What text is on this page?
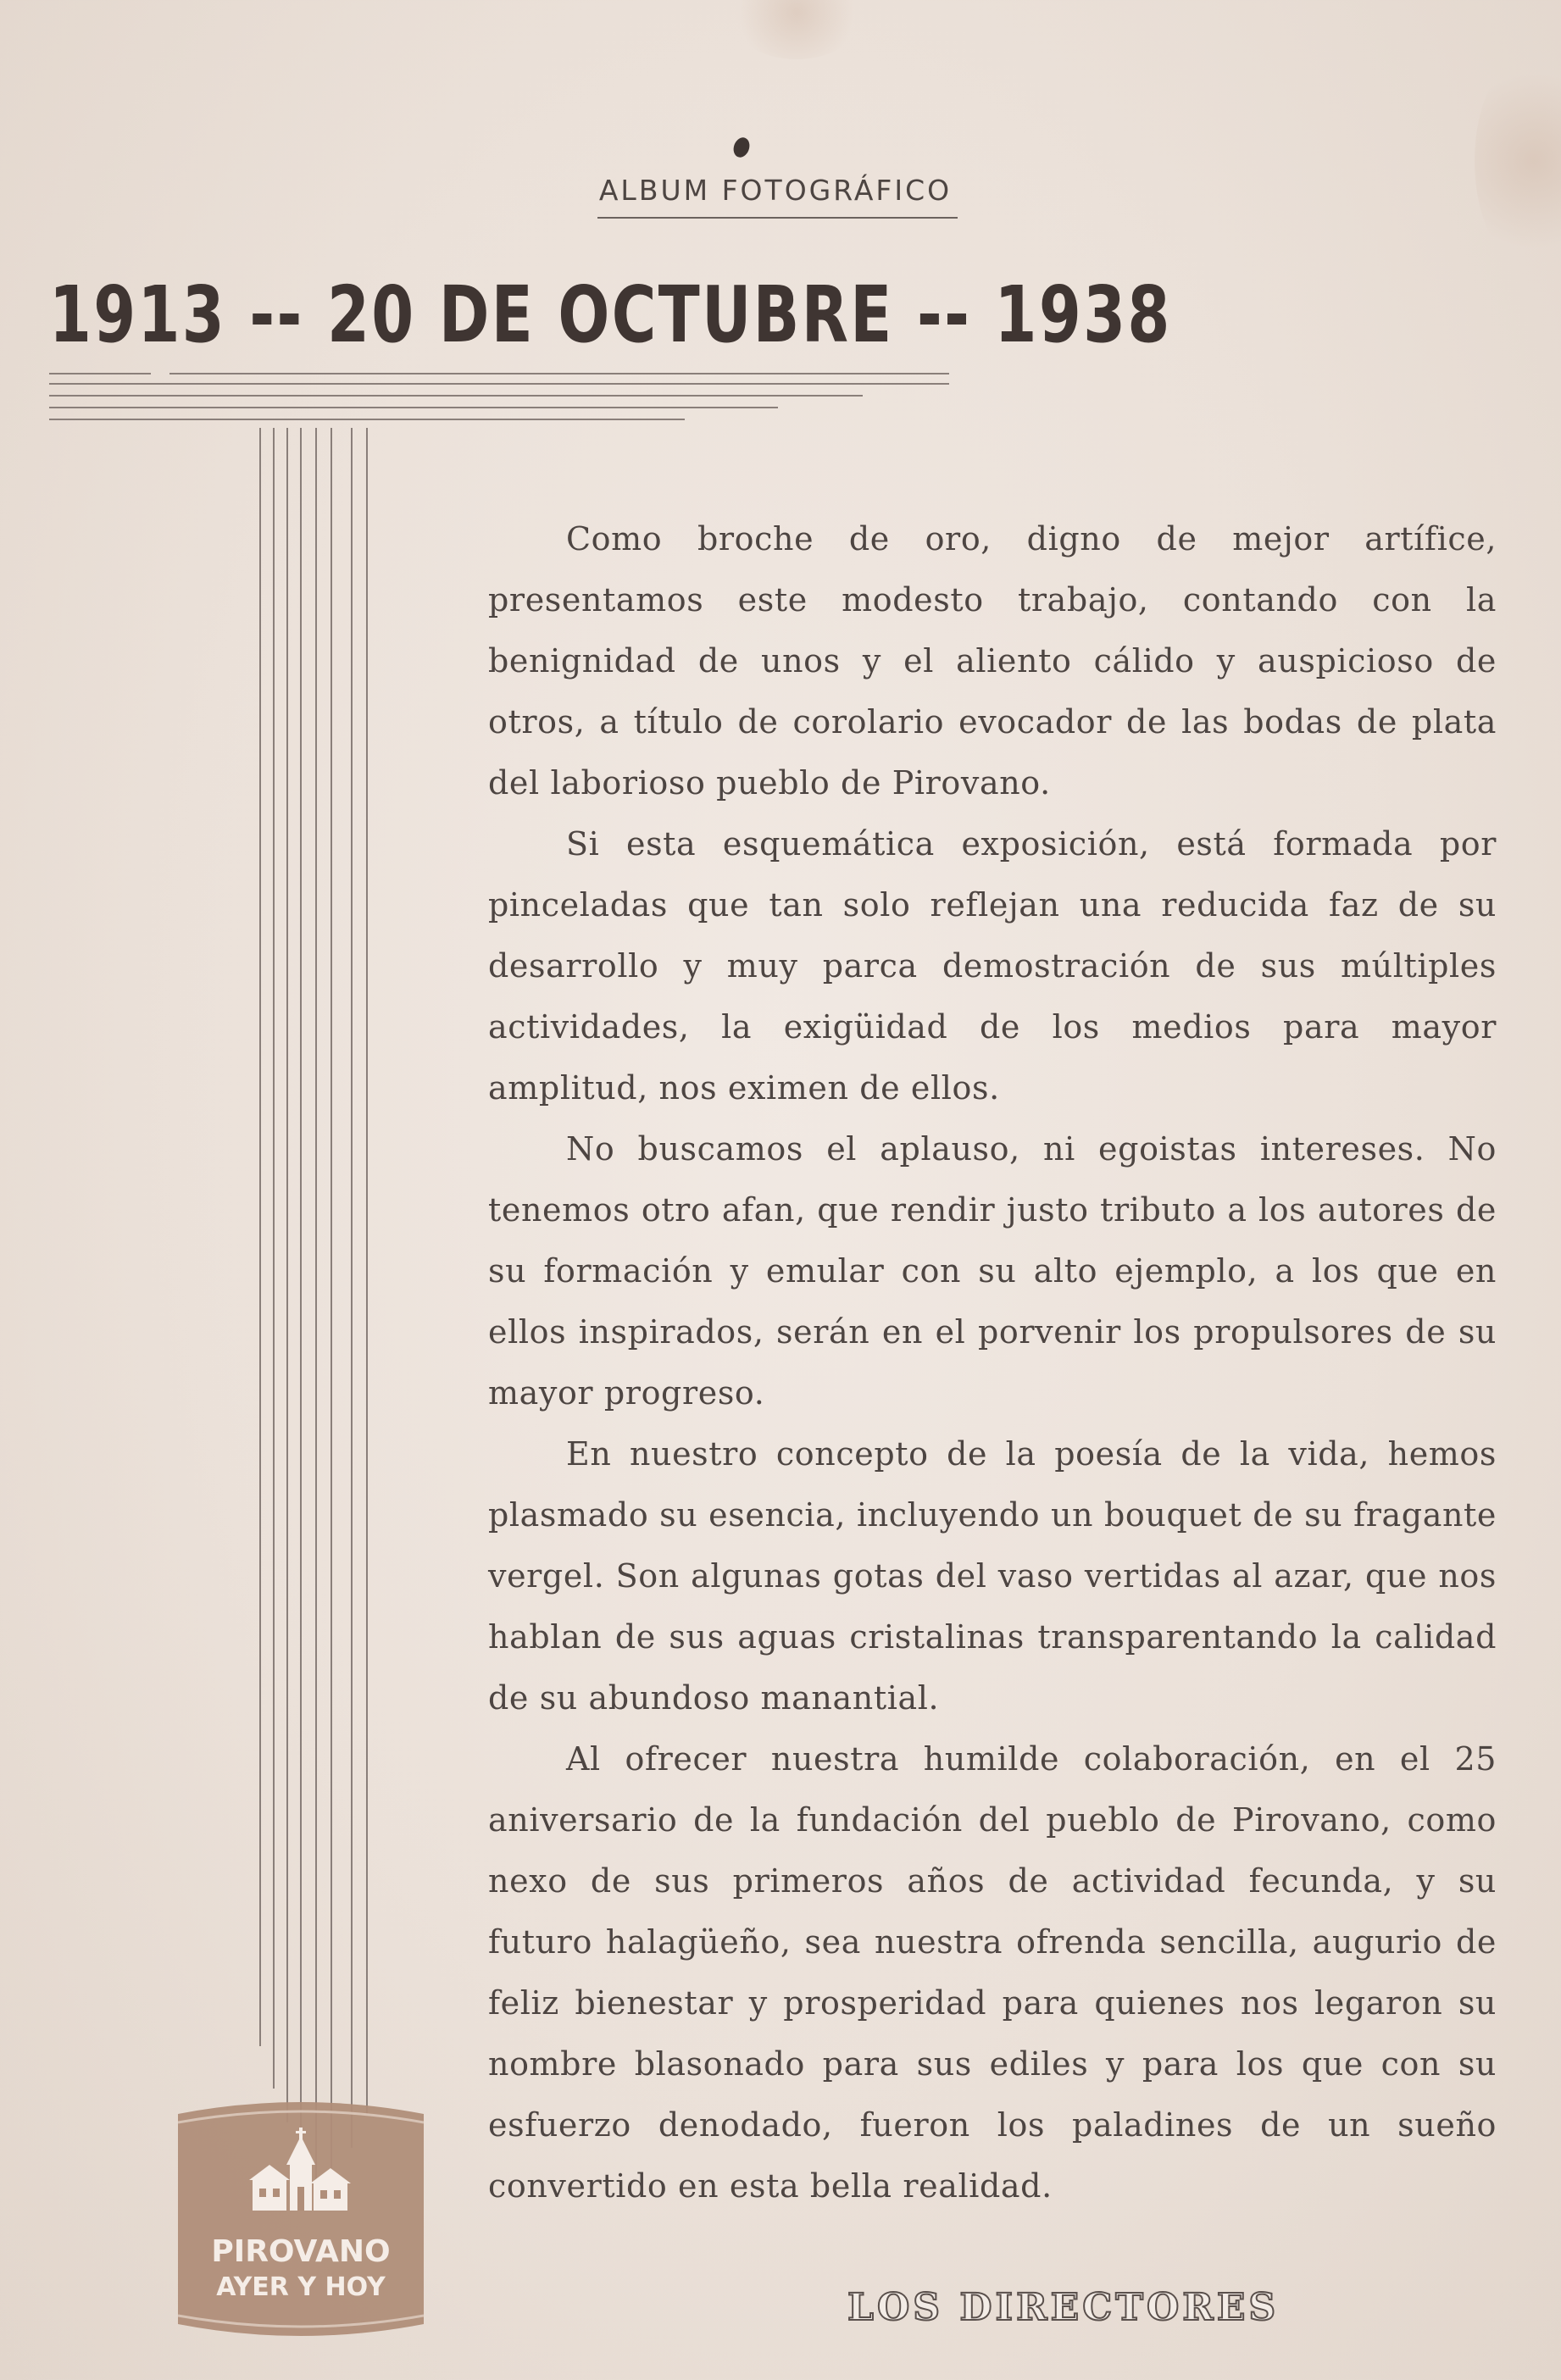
ALBUM FOTOGRÁFICO
1913 -- 20 DE OCTUBRE -- 1938

Como broche de oro, digno de mejor artífice, presentamos este modesto trabajo, contando con la benignidad de unos y el aliento cálido y auspicioso de otros, a título de corolario evocador de las bodas de plata del laborioso pueblo de Pirovano.

Si esta esquemática exposición, está formada por pinceladas que tan solo reflejan una reducida faz de su desarrollo y muy parca demostración de sus múltiples actividades, la exigüidad de los medios para mayor amplitud, nos eximen de ellos.

No buscamos el aplauso, ni egoistas intereses. No tenemos otro afan, que rendir justo tributo a los autores de su formación y emular con su alto ejemplo, a los que en ellos inspirados, serán en el porvenir los propulsores de su mayor progreso.

En nuestro concepto de la poesía de la vida, hemos plasmado su esencia, incluyendo un bouquet de su fragante vergel. Son algunas gotas del vaso vertidas al azar, que nos hablan de sus aguas cristalinas transparentando la calidad de su abundoso manantial.

Al ofrecer nuestra humilde colaboración, en el 25 aniversario de la fundación del pueblo de Pirovano, como nexo de sus primeros años de actividad fecunda, y su futuro halagüeño, sea nuestra ofrenda sencilla, augurio de feliz bienestar y prosperidad para quienes nos legaron su nombre blasonado para sus ediles y para los que con su esfuerzo denodado, fueron los paladines de un sueño convertido en esta bella realidad.

LOS DIRECTORES
PIROVANO
AYER Y HOY
